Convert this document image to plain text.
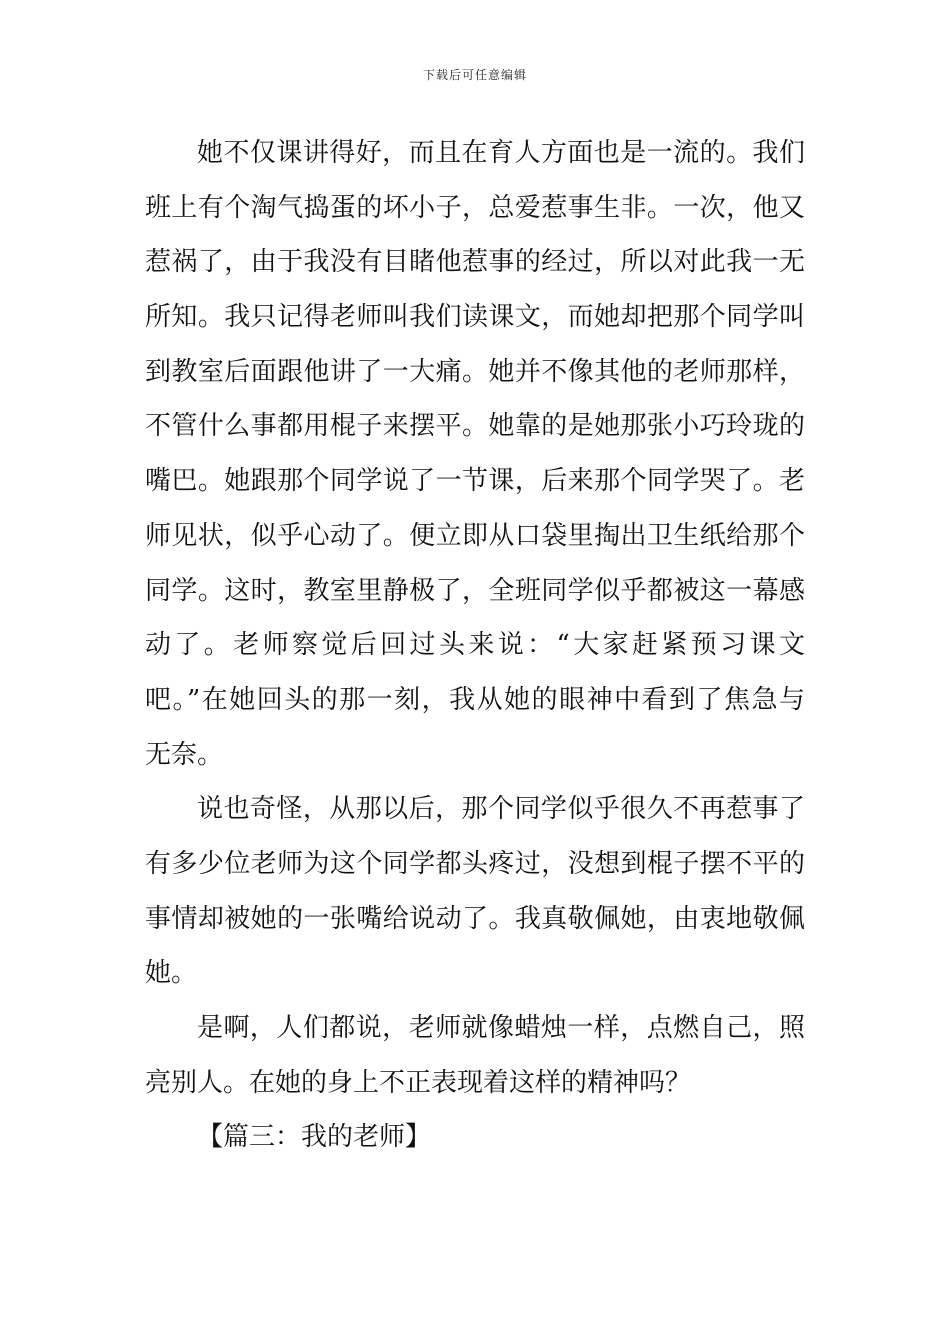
下载后可任意编辑
她不仅课讲得好，而且在育人方面也是一流的。我们
班上有个淘气捣蛋的坏小子，总爱惹事生非。一次，他又
惹祸了，由于我没有目睹他惹事的经过，所以对此我一无
所知。我只记得老师叫我们读课文，而她却把那个同学叫
到教室后面跟他讲了一大痛。她并不像其他的老师那样，
不管什么事都用棍子来摆平。她靠的是她那张小巧玲珑的
嘴巴。她跟那个同学说了一节课，后来那个同学哭了。老
师见状，似乎心动了。便立即从口袋里掏出卫生纸给那个
同学。这时，教室里静极了，全班同学似乎都被这一幕感
动了。老师察觉后回过头来说：“大家赶紧预习课文
吧。”在她回头的那一刻，我从她的眼神中看到了焦急与
无奈。
说也奇怪，从那以后，那个同学似乎很久不再惹事了
有多少位老师为这个同学都头疼过，没想到棍子摆不平的
事情却被她的一张嘴给说动了。我真敬佩她，由衷地敬佩
她。
是啊，人们都说，老师就像蜡烛一样，点燃自己，照
亮别人。在她的身上不正表现着这样的精神吗？
【篇三：我的老师】
